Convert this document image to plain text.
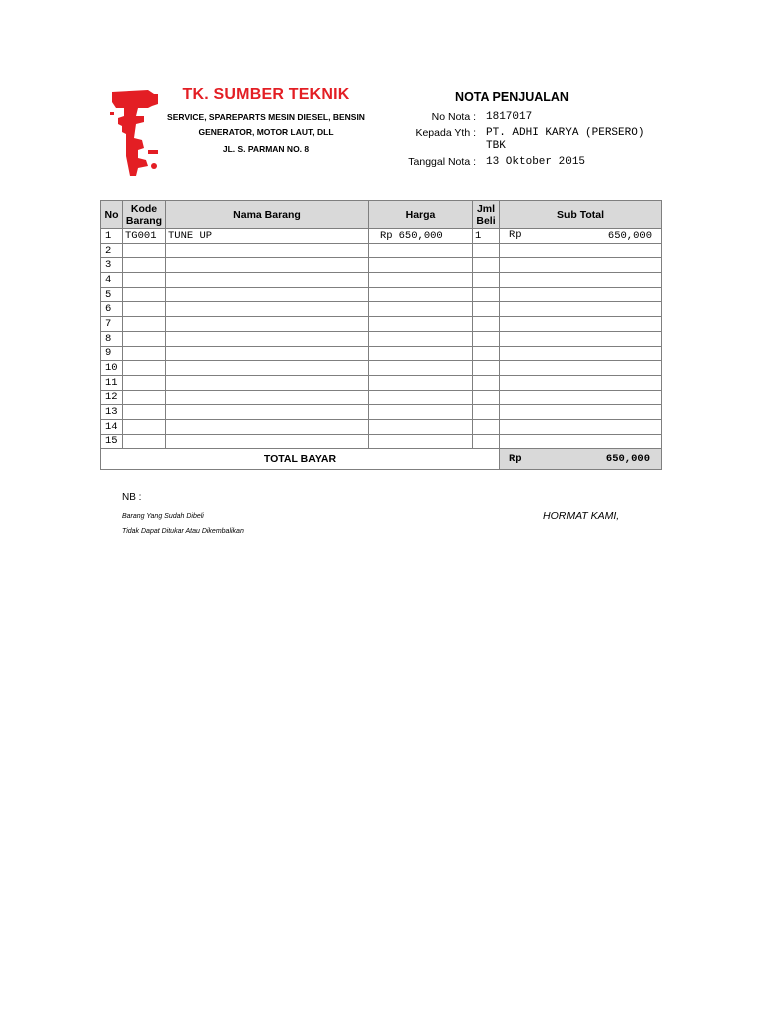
TK. SUMBER TEKNIK
SERVICE, SPAREPARTS MESIN DIESEL, BENSIN
GENERATOR, MOTOR LAUT, DLL
JL. S. PARMAN NO. 8
NOTA PENJUALAN
No Nota : 1817017
Kepada Yth : PT. ADHI KARYA (PERSERO)
TBK
Tanggal Nota : 13 Oktober 2015
No	Kode Barang	Nama Barang	Harga	Jml Beli	Sub Total
1	TG001	TUNE UP	Rp 650,000	1	Rp 650,000

2					

3					

4					

5					

6					

7					

8					

9					

10					

11					

12					

13					

14					

15					

TOTAL BAYAR					Rp 650,000
NB :
Barang Yang Sudah Dibeli
Tidak Dapat Ditukar Atau Dikembalikan
HORMAT KAMI,
